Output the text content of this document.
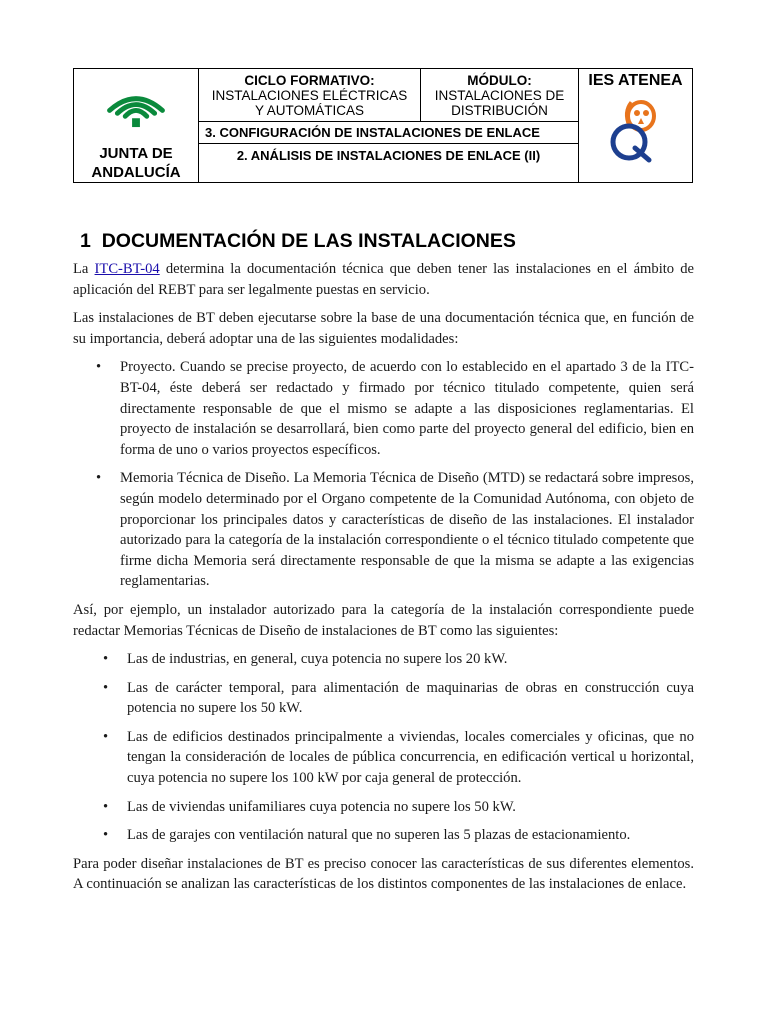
JUNTA DE
ANDALUCÍA
CICLO FORMATIVO:
INSTALACIONES ELÉCTRICAS
Y AUTOMÁTICAS
MÓDULO:
INSTALACIONES DE
DISTRIBUCIÓN
IES ATENEA
3. CONFIGURACIÓN DE INSTALACIONES DE ENLACE
2. ANÁLISIS DE INSTALACIONES DE ENLACE (II)
1 DOCUMENTACIÓN DE LAS INSTALACIONES

La ITC-BT-04 determina la documentación técnica que deben tener las instalaciones en el ámbito de aplicación del REBT para ser legalmente puestas en servicio.

Las instalaciones de BT deben ejecutarse sobre la base de una documentación técnica que, en función de su importancia, deberá adoptar una de las siguientes modalidades:

• Proyecto. Cuando se precise proyecto, de acuerdo con lo establecido en el apartado 3 de la ITC-BT-04, éste deberá ser redactado y firmado por técnico titulado competente, quien será directamente responsable de que el mismo se adapte a las disposiciones reglamentarias. El proyecto de instalación se desarrollará, bien como parte del proyecto general del edificio, bien en forma de uno o varios proyectos específicos.
• Memoria Técnica de Diseño. La Memoria Técnica de Diseño (MTD) se redactará sobre impresos, según modelo determinado por el Organo competente de la Comunidad Autónoma, con objeto de proporcionar los principales datos y características de diseño de las instalaciones. El instalador autorizado para la categoría de la instalación correspondiente o el técnico titulado competente que firme dicha Memoria será directamente responsable de que la misma se adapte a las exigencias reglamentarias.

Así, por ejemplo, un instalador autorizado para la categoría de la instalación correspondiente puede redactar Memorias Técnicas de Diseño de instalaciones de BT como las siguientes:

• Las de industrias, en general, cuya potencia no supere los 20 kW.
• Las de carácter temporal, para alimentación de maquinarias de obras en construcción cuya potencia no supere los 50 kW.
• Las de edificios destinados principalmente a viviendas, locales comerciales y oficinas, que no tengan la consideración de locales de pública concurrencia, en edificación vertical u horizontal, cuya potencia no supere los 100 kW por caja general de protección.
• Las de viviendas unifamiliares cuya potencia no supere los 50 kW.
• Las de garajes con ventilación natural que no superen las 5 plazas de estacionamiento.

Para poder diseñar instalaciones de BT es preciso conocer las características de sus diferentes elementos. A continuación se analizan las características de los distintos componentes de las instalaciones de enlace.
